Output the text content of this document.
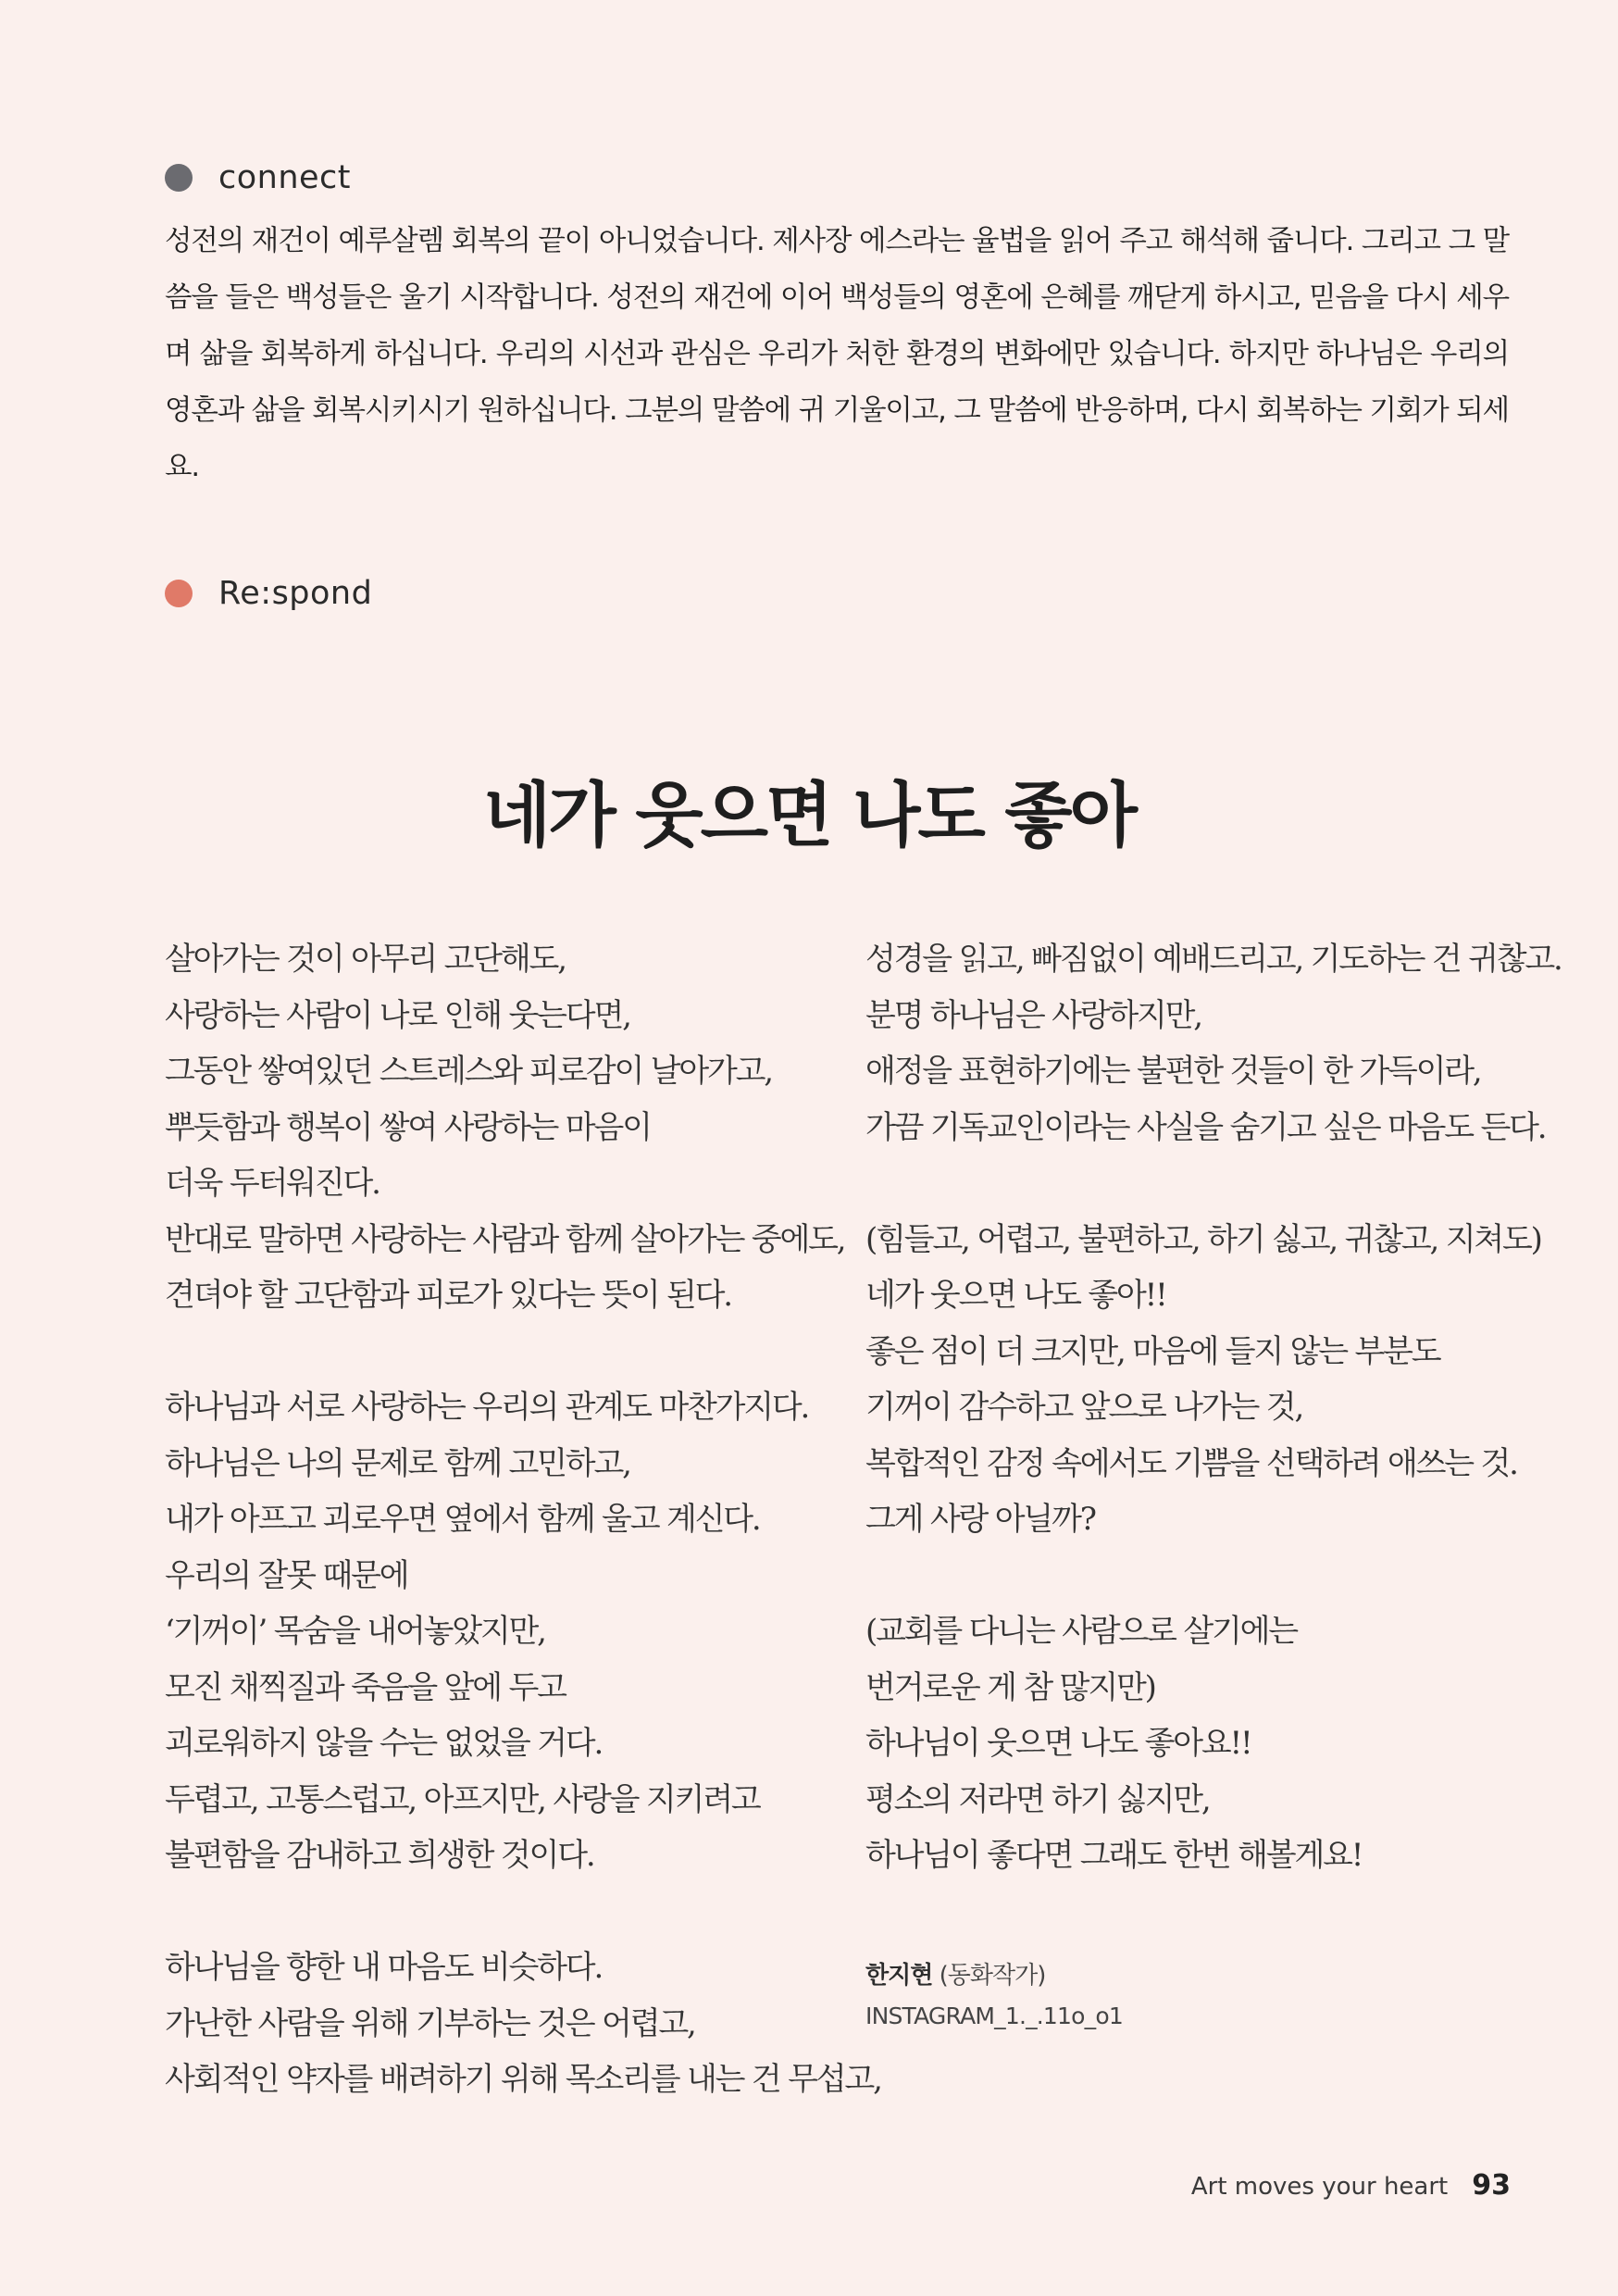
connect

성전의 재건이 예루살렘 회복의 끝이 아니었습니다. 제사장 에스라는 율법을 읽어 주고 해석해 줍니다. 그리고 그 말씀을 들은 백성들은 울기 시작합니다. 성전의 재건에 이어 백성들의 영혼에 은혜를 깨닫게 하시고, 믿음을 다시 세우며 삶을 회복하게 하십니다. 우리의 시선과 관심은 우리가 처한 환경의 변화에만 있습니다. 하지만 하나님은 우리의 영혼과 삶을 회복시키시기 원하십니다. 그분의 말씀에 귀 기울이고, 그 말씀에 반응하며, 다시 회복하는 기회가 되세요.

Re:spond
네가 웃으면 나도 좋아
살아가는 것이 아무리 고단해도,
사랑하는 사람이 나로 인해 웃는다면,
그동안 쌓여있던 스트레스와 피로감이 날아가고,
뿌듯함과 행복이 쌓여 사랑하는 마음이
더욱 두터워진다.
반대로 말하면 사랑하는 사람과 함께 살아가는 중에도,
견뎌야 할 고단함과 피로가 있다는 뜻이 된다.
하나님과 서로 사랑하는 우리의 관계도 마찬가지다.
하나님은 나의 문제로 함께 고민하고,
내가 아프고 괴로우면 옆에서 함께 울고 계신다.
우리의 잘못 때문에
‘기꺼이’ 목숨을 내어놓았지만,
모진 채찍질과 죽음을 앞에 두고
괴로워하지 않을 수는 없었을 거다.
두렵고, 고통스럽고, 아프지만, 사랑을 지키려고
불편함을 감내하고 희생한 것이다.
하나님을 향한 내 마음도 비슷하다.
가난한 사람을 위해 기부하는 것은 어렵고,
사회적인 약자를 배려하기 위해 목소리를 내는 건 무섭고,
성경을 읽고, 빠짐없이 예배드리고, 기도하는 건 귀찮고.
분명 하나님은 사랑하지만,
애정을 표현하기에는 불편한 것들이 한 가득이라,
가끔 기독교인이라는 사실을 숨기고 싶은 마음도 든다.
(힘들고, 어렵고, 불편하고, 하기 싫고, 귀찮고, 지쳐도)
네가 웃으면 나도 좋아!!
좋은 점이 더 크지만, 마음에 들지 않는 부분도
기꺼이 감수하고 앞으로 나가는 것,
복합적인 감정 속에서도 기쁨을 선택하려 애쓰는 것.
그게 사랑 아닐까?
(교회를 다니는 사람으로 살기에는
번거로운 게 참 많지만)
하나님이 웃으면 나도 좋아요!!
평소의 저라면 하기 싫지만,
하나님이 좋다면 그래도 한번 해볼게요!
한지현 (동화작가)
INSTAGRAM_1._.11o_o1
Art moves your heart 93
